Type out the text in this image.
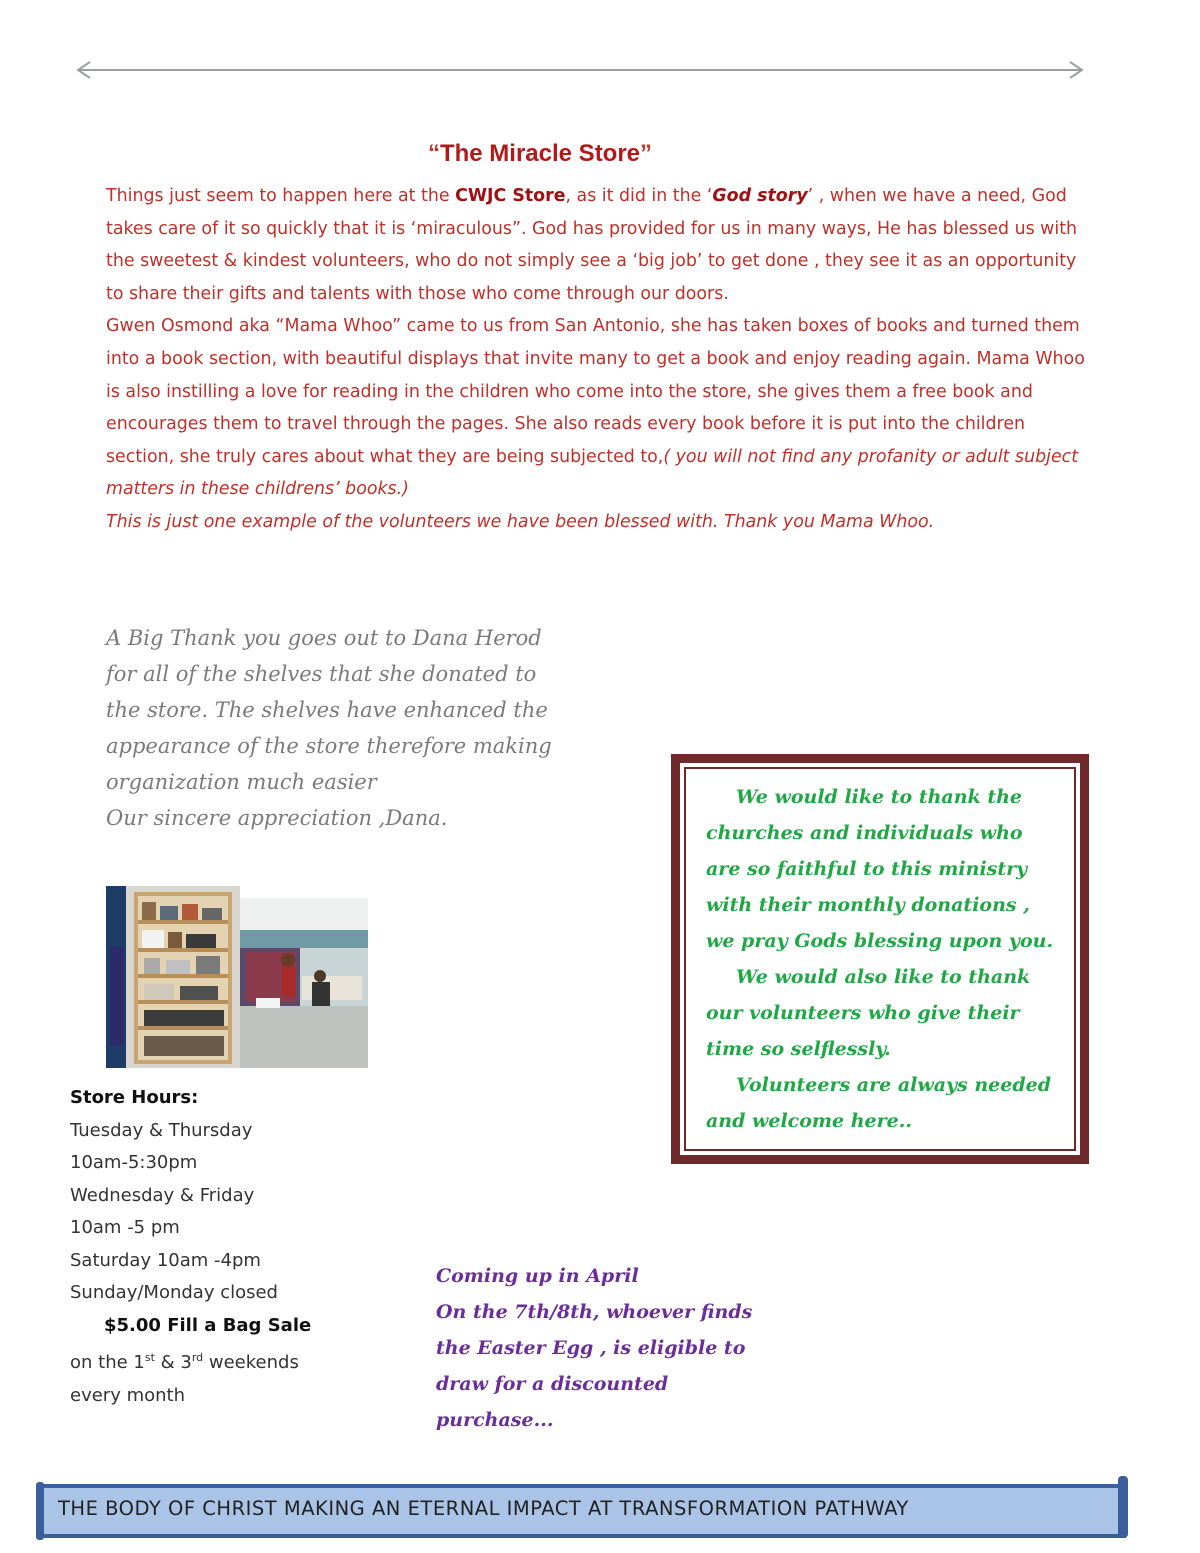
“The Miracle Store”

Things just seem to happen here at the CWJC Store, as it did in the ‘God story’ , when we have a need, God takes care of it so quickly that it is ‘miraculous”. God has provided for us in many ways, He has blessed us with the sweetest & kindest volunteers, who do not simply see a ‘big job’ to get done , they see it as an opportunity to share their gifts and talents with those who come through our doors.

Gwen Osmond aka “Mama Whoo” came to us from San Antonio, she has taken boxes of books and turned them into a book section, with beautiful displays that invite many to get a book and enjoy reading again. Mama Whoo is also instilling a love for reading in the children who come into the store, she gives them a free book and encourages them to travel through the pages. She also reads every book before it is put into the children section, she truly cares about what they are being subjected to,( you will not find any profanity or adult subject matters in these childrens’ books.)

This is just one example of the volunteers we have been blessed with. Thank you Mama Whoo.

A Big Thank you goes out to Dana Herod

for all of the shelves that she donated to

the store. The shelves have enhanced the

appearance of the store therefore making

organization much easier

Our sincere appreciation ,Dana.

Store Hours:

Tuesday & Thursday

10am-5:30pm

Wednesday & Friday

10am -5 pm

Saturday 10am -4pm

Sunday/Monday closed

$5.00 Fill a Bag Sale

on the 1st & 3rd weekends

every month

We would like to thank the

churches and individuals who

are so faithful to this ministry

with their monthly donations ,

we pray Gods blessing upon you.

We would also like to thank

our volunteers who give their

time so selflessly.

Volunteers are always needed

and welcome here..

Coming up in April

On the 7th/8th, whoever finds

the Easter Egg , is eligible to

draw for a discounted

purchase...

THE BODY OF CHRIST MAKING AN ETERNAL IMPACT AT TRANSFORMATION PATHWAY
